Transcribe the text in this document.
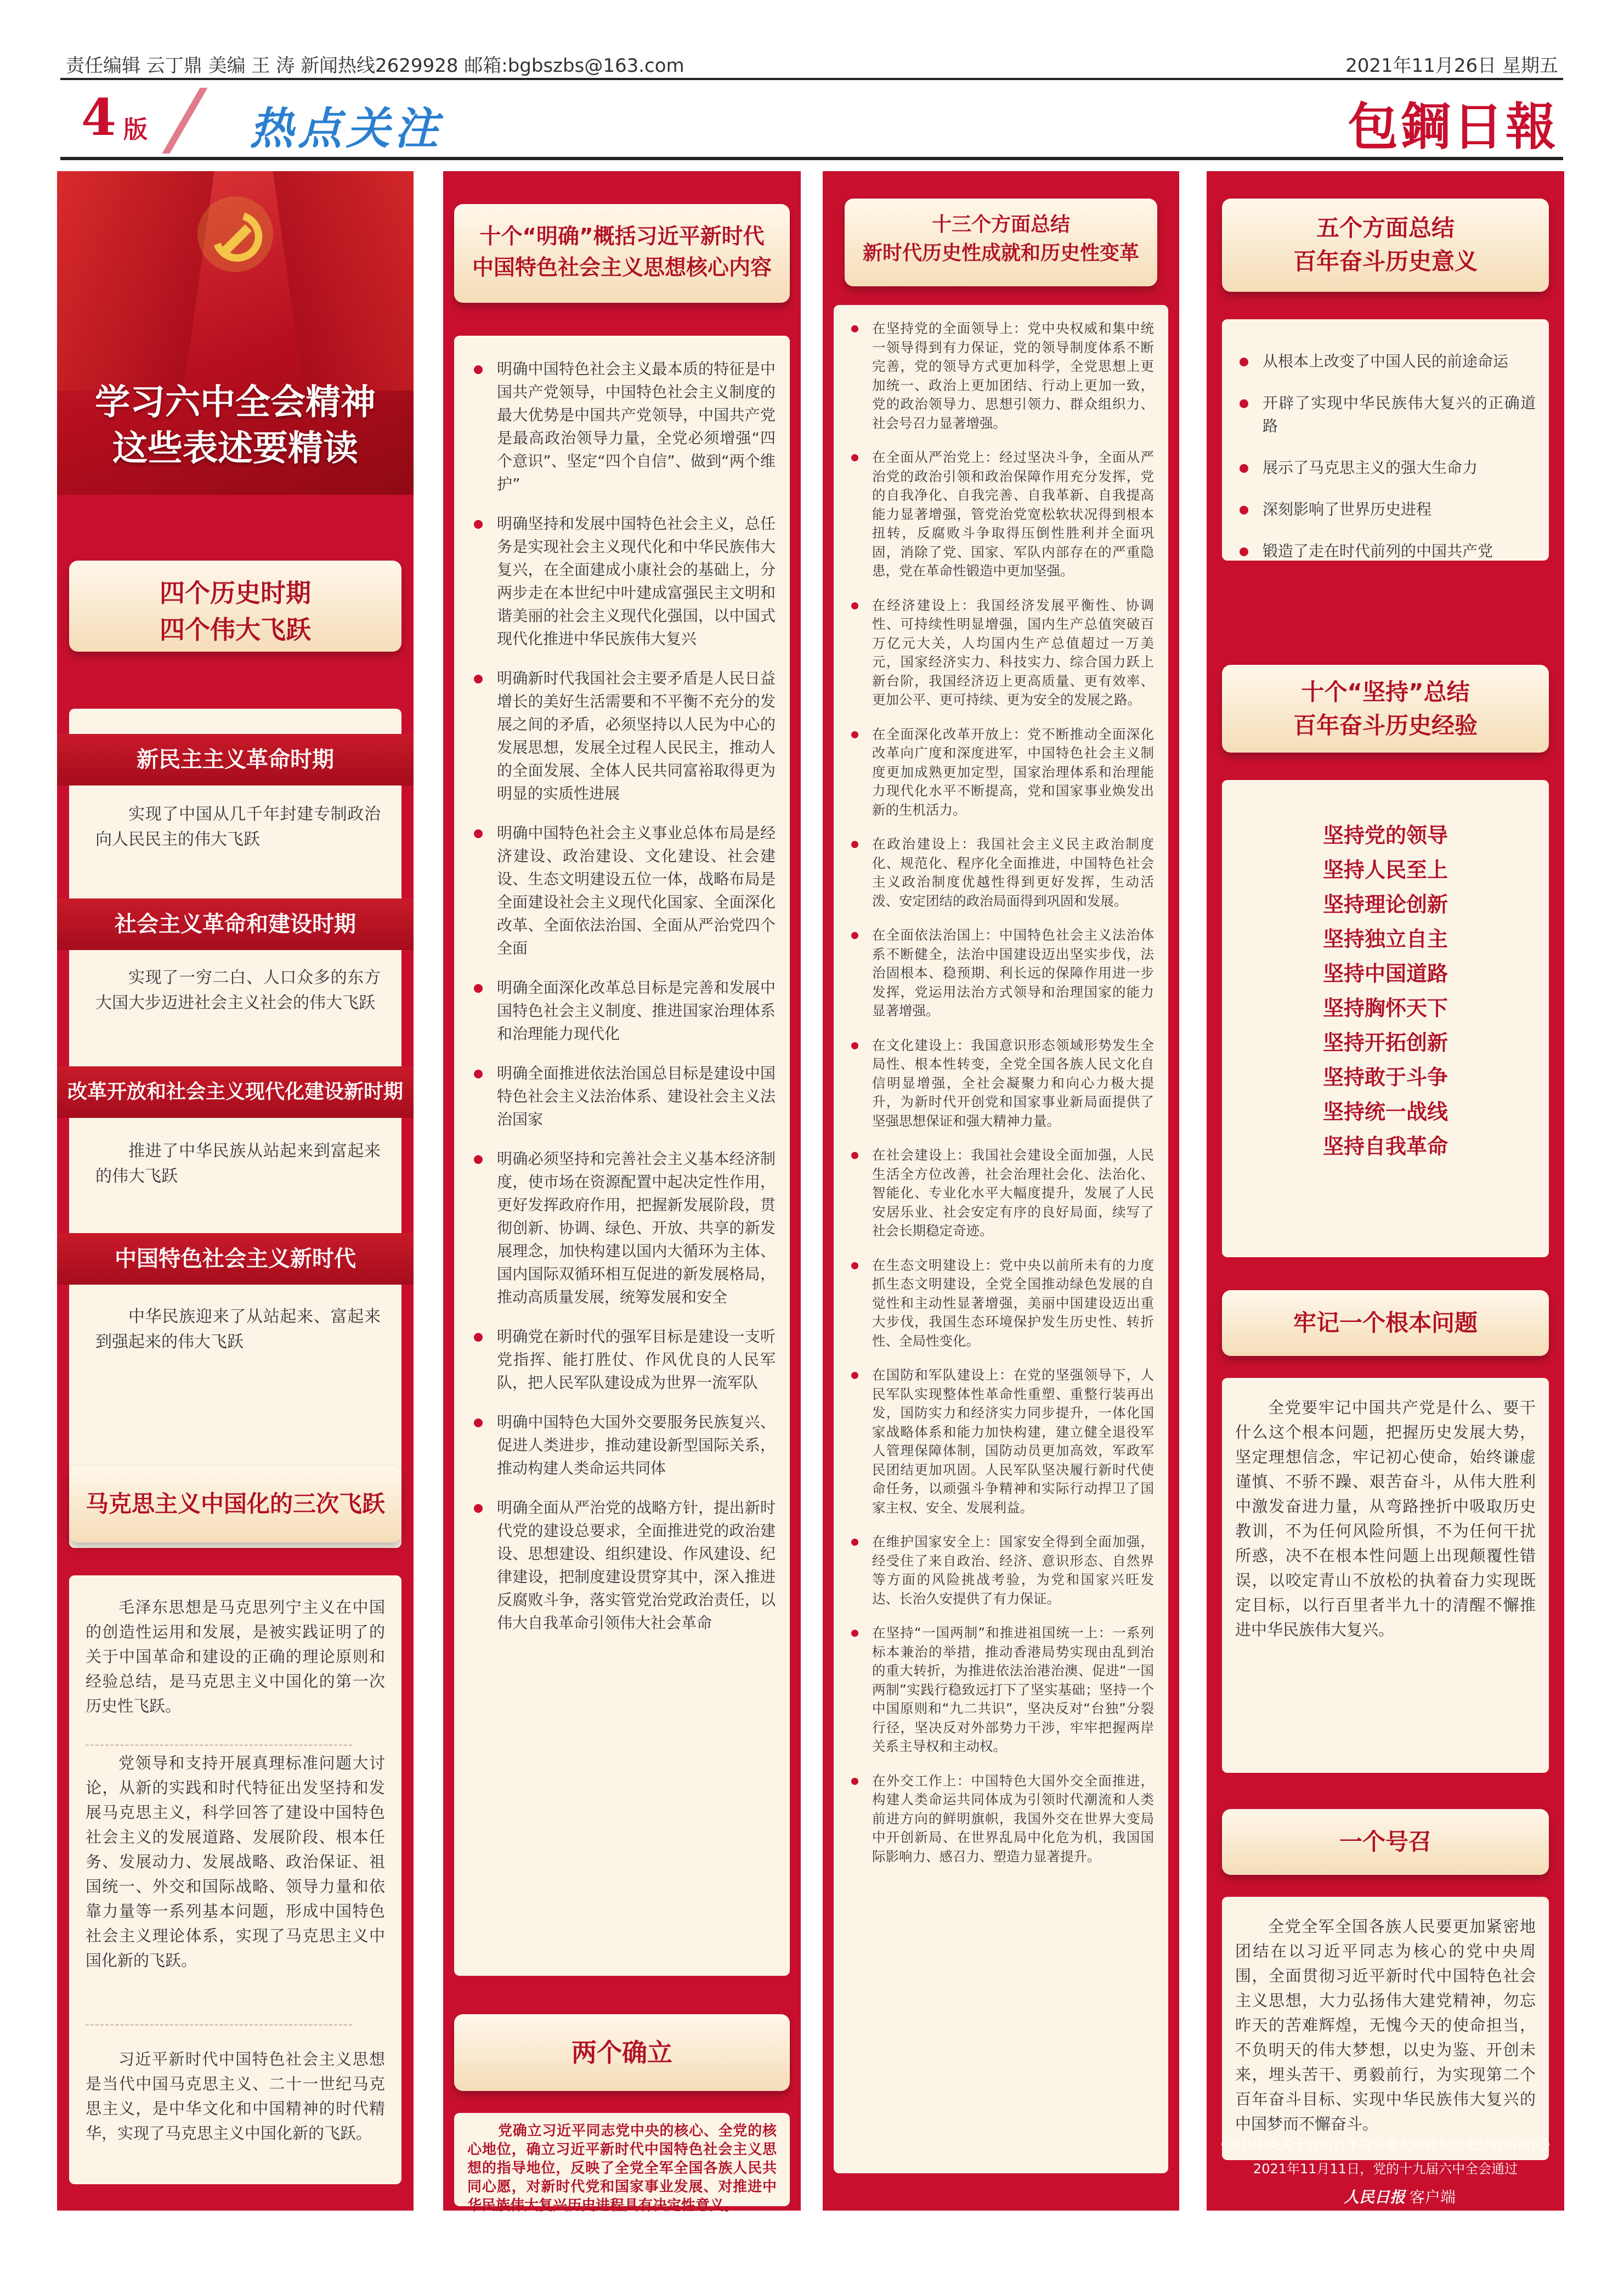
责任编辑 云丁鼎 美编 王 涛 新闻热线2629928 邮箱:bgbszbs@163.com	2021年11月26日 星期五
4 版 热点关注	包鋼日報
学习六中全会精神
这些表述要精读
四个历史时期
四个伟大飞跃
新民主主义革命时期
实现了中国从几千年封建专制政治向人民民主的伟大飞跃
社会主义革命和建设时期
实现了一穷二白、人口众多的东方大国大步迈进社会主义社会的伟大飞跃
改革开放和社会主义现代化建设新时期
推进了中华民族从站起来到富起来的伟大飞跃
中国特色社会主义新时代
中华民族迎来了从站起来、富起来到强起来的伟大飞跃
马克思主义中国化的三次飞跃
毛泽东思想是马克思列宁主义在中国的创造性运用和发展，是被实践证明了的关于中国革命和建设的正确的理论原则和经验总结，是马克思主义中国化的第一次历史性飞跃。
党领导和支持开展真理标准问题大讨论，从新的实践和时代特征出发坚持和发展马克思主义，科学回答了建设中国特色社会主义的发展道路、发展阶段、根本任务、发展动力、发展战略、政治保证、祖国统一、外交和国际战略、领导力量和依靠力量等一系列基本问题，形成中国特色社会主义理论体系，实现了马克思主义中国化新的飞跃。
习近平新时代中国特色社会主义思想是当代中国马克思主义、二十一世纪马克思主义，是中华文化和中国精神的时代精华，实现了马克思主义中国化新的飞跃。
十个“明确”概括习近平新时代
中国特色社会主义思想核心内容
明确中国特色社会主义最本质的特征是中国共产党领导，中国特色社会主义制度的最大优势是中国共产党领导，中国共产党是最高政治领导力量，全党必须增强“四个意识”、坚定“四个自信”、做到“两个维护”
明确坚持和发展中国特色社会主义，总任务是实现社会主义现代化和中华民族伟大复兴，在全面建成小康社会的基础上，分两步走在本世纪中叶建成富强民主文明和谐美丽的社会主义现代化强国，以中国式现代化推进中华民族伟大复兴
明确新时代我国社会主要矛盾是人民日益增长的美好生活需要和不平衡不充分的发展之间的矛盾，必须坚持以人民为中心的发展思想，发展全过程人民民主，推动人的全面发展、全体人民共同富裕取得更为明显的实质性进展
明确中国特色社会主义事业总体布局是经济建设、政治建设、文化建设、社会建设、生态文明建设五位一体，战略布局是全面建设社会主义现代化国家、全面深化改革、全面依法治国、全面从严治党四个全面
明确全面深化改革总目标是完善和发展中国特色社会主义制度、推进国家治理体系和治理能力现代化
明确全面推进依法治国总目标是建设中国特色社会主义法治体系、建设社会主义法治国家
明确必须坚持和完善社会主义基本经济制度，使市场在资源配置中起决定性作用，更好发挥政府作用，把握新发展阶段，贯彻创新、协调、绿色、开放、共享的新发展理念，加快构建以国内大循环为主体、国内国际双循环相互促进的新发展格局，推动高质量发展，统筹发展和安全
明确党在新时代的强军目标是建设一支听党指挥、能打胜仗、作风优良的人民军队，把人民军队建设成为世界一流军队
明确中国特色大国外交要服务民族复兴、促进人类进步，推动建设新型国际关系，推动构建人类命运共同体
明确全面从严治党的战略方针，提出新时代党的建设总要求，全面推进党的政治建设、思想建设、组织建设、作风建设、纪律建设，把制度建设贯穿其中，深入推进反腐败斗争，落实管党治党政治责任，以伟大自我革命引领伟大社会革命
两个确立
党确立习近平同志党中央的核心、全党的核心地位，确立习近平新时代中国特色社会主义思想的指导地位，反映了全党全军全国各族人民共同心愿，对新时代党和国家事业发展、对推进中华民族伟大复兴历史进程具有决定性意义。
十三个方面总结
新时代历史性成就和历史性变革
在坚持党的全面领导上：党中央权威和集中统一领导得到有力保证，党的领导制度体系不断完善，党的领导方式更加科学，全党思想上更加统一、政治上更加团结、行动上更加一致，党的政治领导力、思想引领力、群众组织力、社会号召力显著增强。
在全面从严治党上：经过坚决斗争，全面从严治党的政治引领和政治保障作用充分发挥，党的自我净化、自我完善、自我革新、自我提高能力显著增强，管党治党宽松软状况得到根本扭转，反腐败斗争取得压倒性胜利并全面巩固，消除了党、国家、军队内部存在的严重隐患，党在革命性锻造中更加坚强。
在经济建设上：我国经济发展平衡性、协调性、可持续性明显增强，国内生产总值突破百万亿元大关，人均国内生产总值超过一万美元，国家经济实力、科技实力、综合国力跃上新台阶，我国经济迈上更高质量、更有效率、更加公平、更可持续、更为安全的发展之路。
在全面深化改革开放上：党不断推动全面深化改革向广度和深度进军，中国特色社会主义制度更加成熟更加定型，国家治理体系和治理能力现代化水平不断提高，党和国家事业焕发出新的生机活力。
在政治建设上：我国社会主义民主政治制度化、规范化、程序化全面推进，中国特色社会主义政治制度优越性得到更好发挥，生动活泼、安定团结的政治局面得到巩固和发展。
在全面依法治国上：中国特色社会主义法治体系不断健全，法治中国建设迈出坚实步伐，法治固根本、稳预期、利长远的保障作用进一步发挥，党运用法治方式领导和治理国家的能力显著增强。
在文化建设上：我国意识形态领域形势发生全局性、根本性转变，全党全国各族人民文化自信明显增强，全社会凝聚力和向心力极大提升，为新时代开创党和国家事业新局面提供了坚强思想保证和强大精神力量。
在社会建设上：我国社会建设全面加强，人民生活全方位改善，社会治理社会化、法治化、智能化、专业化水平大幅度提升，发展了人民安居乐业、社会安定有序的良好局面，续写了社会长期稳定奇迹。
在生态文明建设上：党中央以前所未有的力度抓生态文明建设，全党全国推动绿色发展的自觉性和主动性显著增强，美丽中国建设迈出重大步伐，我国生态环境保护发生历史性、转折性、全局性变化。
在国防和军队建设上：在党的坚强领导下，人民军队实现整体性革命性重塑、重整行装再出发，国防实力和经济实力同步提升，一体化国家战略体系和能力加快构建，建立健全退役军人管理保障体制，国防动员更加高效，军政军民团结更加巩固。人民军队坚决履行新时代使命任务，以顽强斗争精神和实际行动捍卫了国家主权、安全、发展利益。
在维护国家安全上：国家安全得到全面加强，经受住了来自政治、经济、意识形态、自然界等方面的风险挑战考验，为党和国家兴旺发达、长治久安提供了有力保证。
在坚持“一国两制”和推进祖国统一上：一系列标本兼治的举措，推动香港局势实现由乱到治的重大转折，为推进依法治港治澳、促进“一国两制”实践行稳致远打下了坚实基础；坚持一个中国原则和“九二共识”，坚决反对“台独”分裂行径，坚决反对外部势力干涉，牢牢把握两岸关系主导权和主动权。
在外交工作上：中国特色大国外交全面推进，构建人类命运共同体成为引领时代潮流和人类前进方向的鲜明旗帜，我国外交在世界大变局中开创新局、在世界乱局中化危为机，我国国际影响力、感召力、塑造力显著提升。
五个方面总结
百年奋斗历史意义
从根本上改变了中国人民的前途命运
开辟了实现中华民族伟大复兴的正确道路
展示了马克思主义的强大生命力
深刻影响了世界历史进程
锻造了走在时代前列的中国共产党
十个“坚持”总结
百年奋斗历史经验
坚持党的领导
坚持人民至上
坚持理论创新
坚持独立自主
坚持中国道路
坚持胸怀天下
坚持开拓创新
坚持敢于斗争
坚持统一战线
坚持自我革命
牢记一个根本问题
全党要牢记中国共产党是什么、要干什么这个根本问题，把握历史发展大势，坚定理想信念，牢记初心使命，始终谦虚谨慎、不骄不躁、艰苦奋斗，从伟大胜利中激发奋进力量，从弯路挫折中吸取历史教训，不为任何风险所惧，不为任何干扰所惑，决不在根本性问题上出现颠覆性错误，以咬定青山不放松的执着奋力实现既定目标，以行百里者半九十的清醒不懈推进中华民族伟大复兴。
一个号召
全党全军全国各族人民要更加紧密地团结在以习近平同志为核心的党中央周围，全面贯彻习近平新时代中国特色社会主义思想，大力弘扬伟大建党精神，勿忘昨天的苦难辉煌，无愧今天的使命担当，不负明天的伟大梦想，以史为鉴、开创未来，埋头苦干、勇毅前行，为实现第二个百年奋斗目标、实现中华民族伟大复兴的中国梦而不懈奋斗。
《中共中央关于党的百年奋斗重大成就和历史经验的决议》
2021年11月11日，党的十九届六中全会通过
人民日报 客户端
